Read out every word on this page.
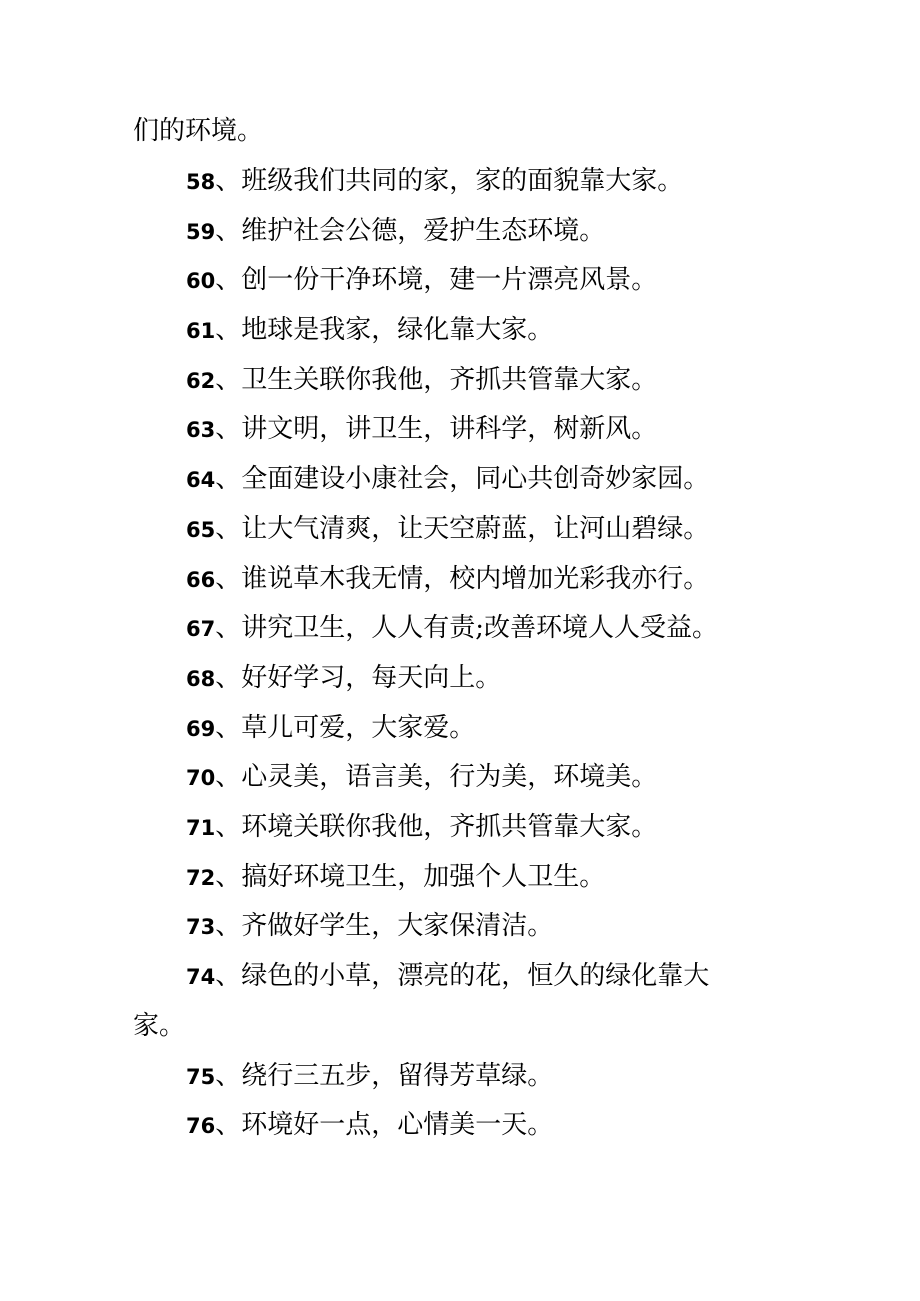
们的环境。
58、班级我们共同的家，家的面貌靠大家。
59、维护社会公德，爱护生态环境。
60、创一份干净环境，建一片漂亮风景。
61、地球是我家，绿化靠大家。
62、卫生关联你我他，齐抓共管靠大家。
63、讲文明，讲卫生，讲科学，树新风。
64、全面建设小康社会，同心共创奇妙家园。
65、让大气清爽，让天空蔚蓝，让河山碧绿。
66、谁说草木我无情，校内增加光彩我亦行。
67、讲究卫生，人人有责;改善环境人人受益。
68、好好学习，每天向上。
69、草儿可爱，大家爱。
70、心灵美，语言美，行为美，环境美。
71、环境关联你我他，齐抓共管靠大家。
72、搞好环境卫生，加强个人卫生。
73、齐做好学生，大家保清洁。
74、绿色的小草，漂亮的花，恒久的绿化靠大
家。
75、绕行三五步，留得芳草绿。
76、环境好一点，心情美一天。
